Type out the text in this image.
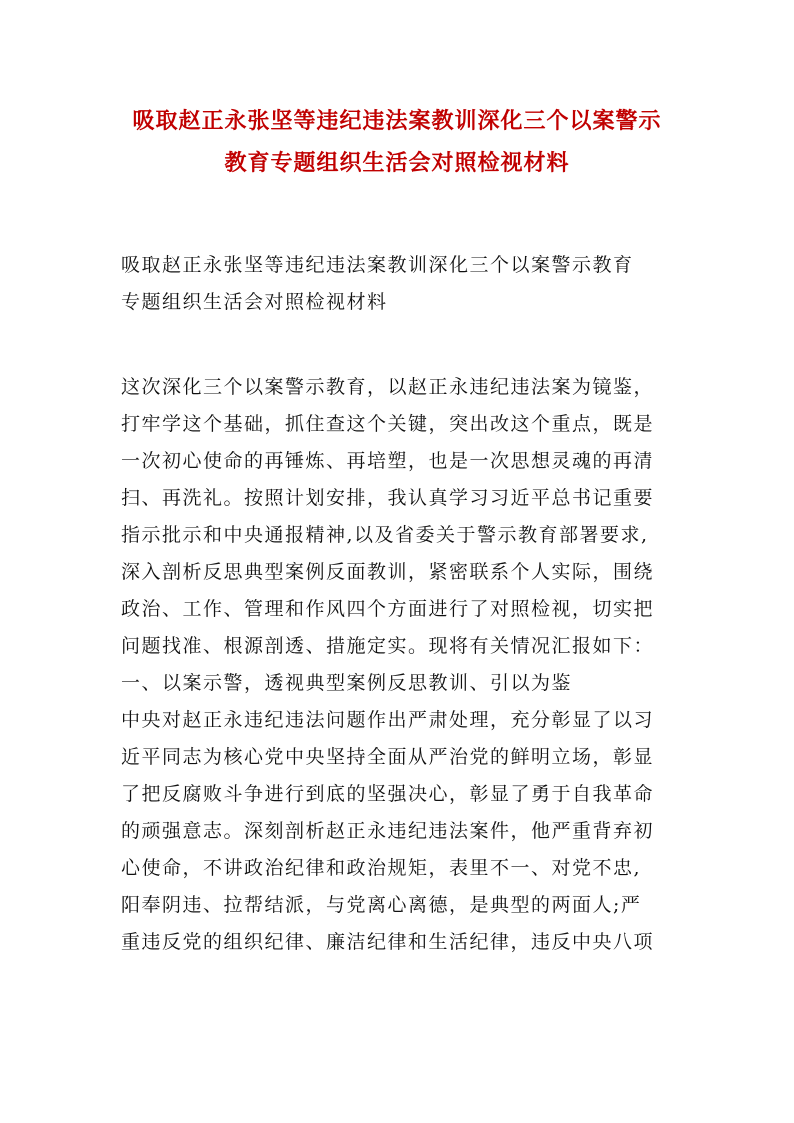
吸取赵正永张坚等违纪违法案教训深化三个以案警示
教育专题组织生活会对照检视材料
吸取赵正永张坚等违纪违法案教训深化三个以案警示教育
专题组织生活会对照检视材料
这次深化三个以案警示教育，以赵正永违纪违法案为镜鉴，
打牢学这个基础，抓住查这个关键，突出改这个重点，既是
一次初心使命的再锤炼、再培塑，也是一次思想灵魂的再清
扫、再洗礼。按照计划安排，我认真学习习近平总书记重要
指示批示和中央通报精神,以及省委关于警示教育部署要求,
深入剖析反思典型案例反面教训，紧密联系个人实际，围绕
政治、工作、管理和作风四个方面进行了对照检视，切实把
问题找准、根源剖透、措施定实。现将有关情况汇报如下：
一、以案示警，透视典型案例反思教训、引以为鉴
中央对赵正永违纪违法问题作出严肃处理，充分彰显了以习
近平同志为核心党中央坚持全面从严治党的鲜明立场，彰显
了把反腐败斗争进行到底的坚强决心，彰显了勇于自我革命
的顽强意志。深刻剖析赵正永违纪违法案件，他严重背弃初
心使命，不讲政治纪律和政治规矩，表里不一、对党不忠,
阳奉阴违、拉帮结派，与党离心离德，是典型的两面人;严
重违反党的组织纪律、廉洁纪律和生活纪律，违反中央八项
